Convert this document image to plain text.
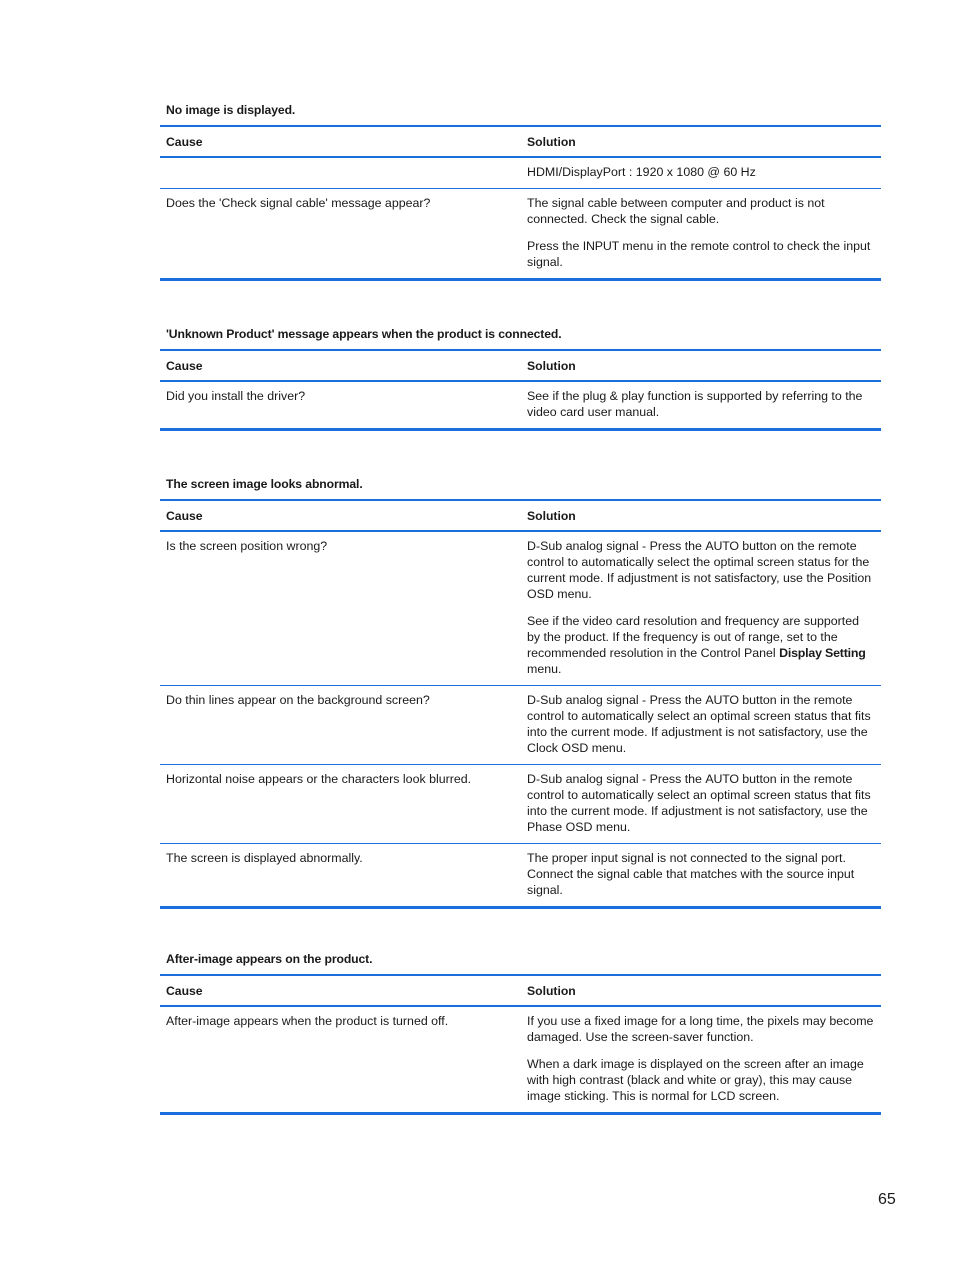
No image is displayed.
Cause	Solution

	HDMI/DisplayPort : 1920 x 1080 @ 60 Hz

Does the 'Check signal cable' message appear?	The signal cable between computer and product is not connected. Check the signal cable.

Press the INPUT menu in the remote control to check the input signal.

'Unknown Product' message appears when the product is connected.
Cause	Solution
Did you install the driver?	See if the plug & play function is supported by referring to the video card user manual.

The screen image looks abnormal.
Cause	Solution
Is the screen position wrong?	D-Sub analog signal - Press the AUTO button on the remote control to automatically select the optimal screen status for the current mode. If adjustment is not satisfactory, use the Position OSD menu.

See if the video card resolution and frequency are supported by the product. If the frequency is out of range, set to the recommended resolution in the Control Panel Display Setting menu.

Do thin lines appear on the background screen?	D-Sub analog signal - Press the AUTO button in the remote control to automatically select an optimal screen status that fits into the current mode. If adjustment is not satisfactory, use the Clock OSD menu.

Horizontal noise appears or the characters look blurred.	D-Sub analog signal - Press the AUTO button in the remote control to automatically select an optimal screen status that fits into the current mode. If adjustment is not satisfactory, use the Phase OSD menu.

The screen is displayed abnormally.	The proper input signal is not connected to the signal port. Connect the signal cable that matches with the source input signal.

After-image appears on the product.
Cause	Solution
After-image appears when the product is turned off.	If you use a fixed image for a long time, the pixels may become damaged. Use the screen-saver function.

When a dark image is displayed on the screen after an image with high contrast (black and white or gray), this may cause image sticking. This is normal for LCD screen.

65
